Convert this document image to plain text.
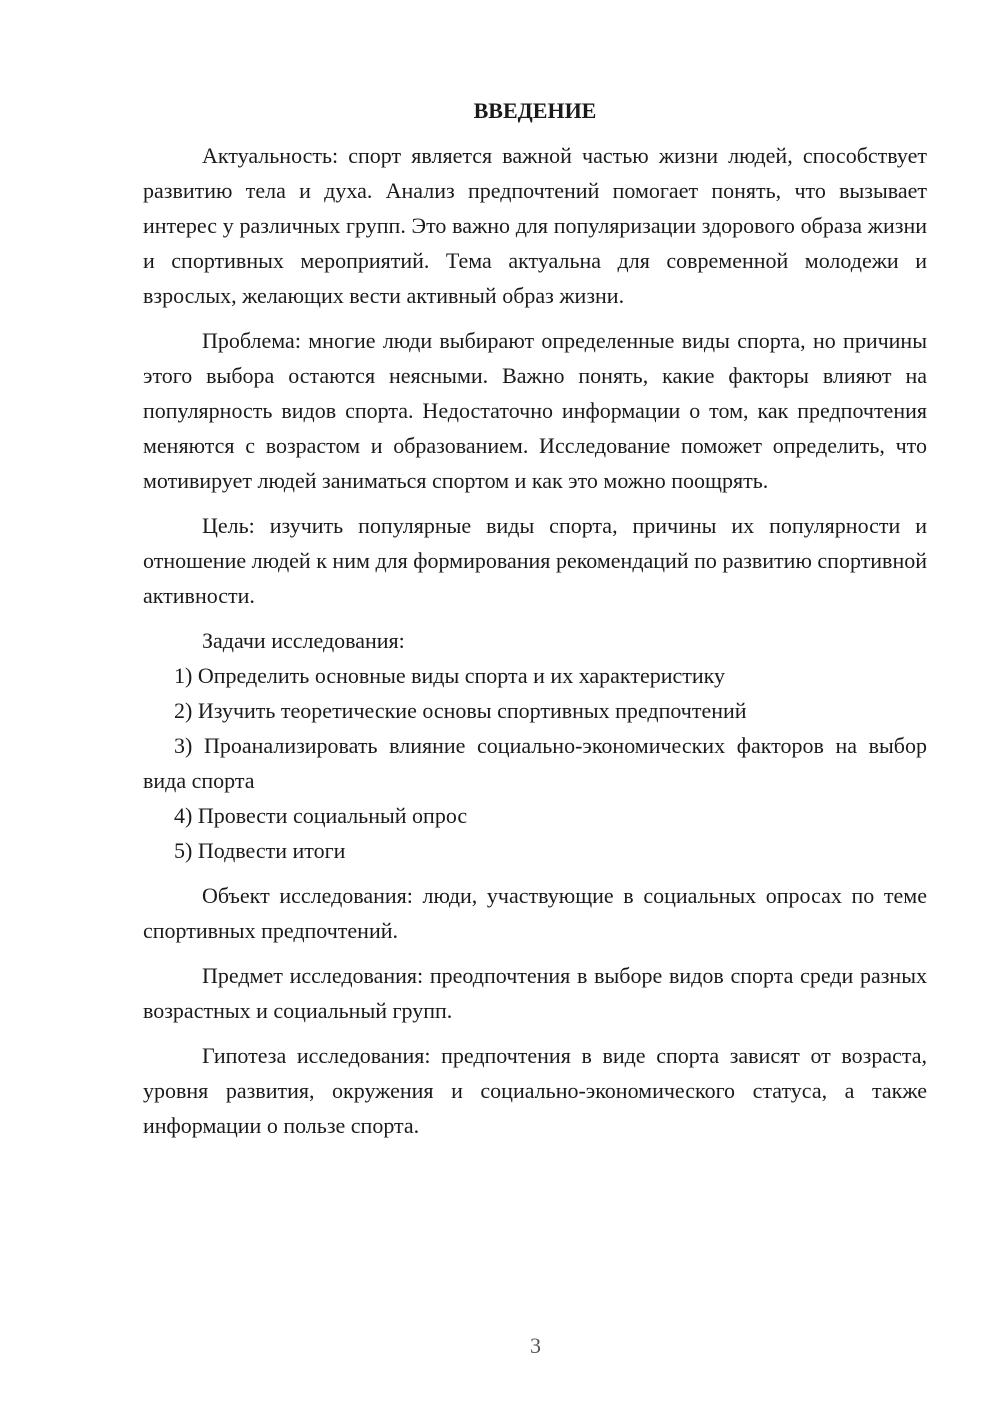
ВВЕДЕНИЕ

Актуальность: спорт является важной частью жизни людей, способствует развитию тела и духа. Анализ предпочтений помогает понять, что вызывает интерес у различных групп. Это важно для популяризации здорового образа жизни и спортивных мероприятий. Тема актуальна для современной молодежи и взрослых, желающих вести активный образ жизни.

Проблема: многие люди выбирают определенные виды спорта, но причины этого выбора остаются неясными. Важно понять, какие факторы влияют на популярность видов спорта. Недостаточно информации о том, как предпочтения меняются с возрастом и образованием. Исследование поможет определить, что мотивирует людей заниматься спортом и как это можно поощрять.

Цель: изучить популярные виды спорта, причины их популярности и отношение людей к ним для формирования рекомендаций по развитию спортивной активности.

Задачи исследования:

1) Определить основные виды спорта и их характеристику

2) Изучить теоретические основы спортивных предпочтений

3) Проанализировать влияние социально-экономических факторов на выбор вида спорта

4) Провести социальный опрос

5) Подвести итоги

Объект исследования: люди, участвующие в социальных опросах по теме спортивных предпочтений.

Предмет исследования: преодпочтения в выборе видов спорта среди разных возрастных и социальный групп.

Гипотеза исследования: предпочтения в виде спорта зависят от возраста, уровня развития, окружения и социально-экономического статуса, а также информации о пользе спорта.

3
